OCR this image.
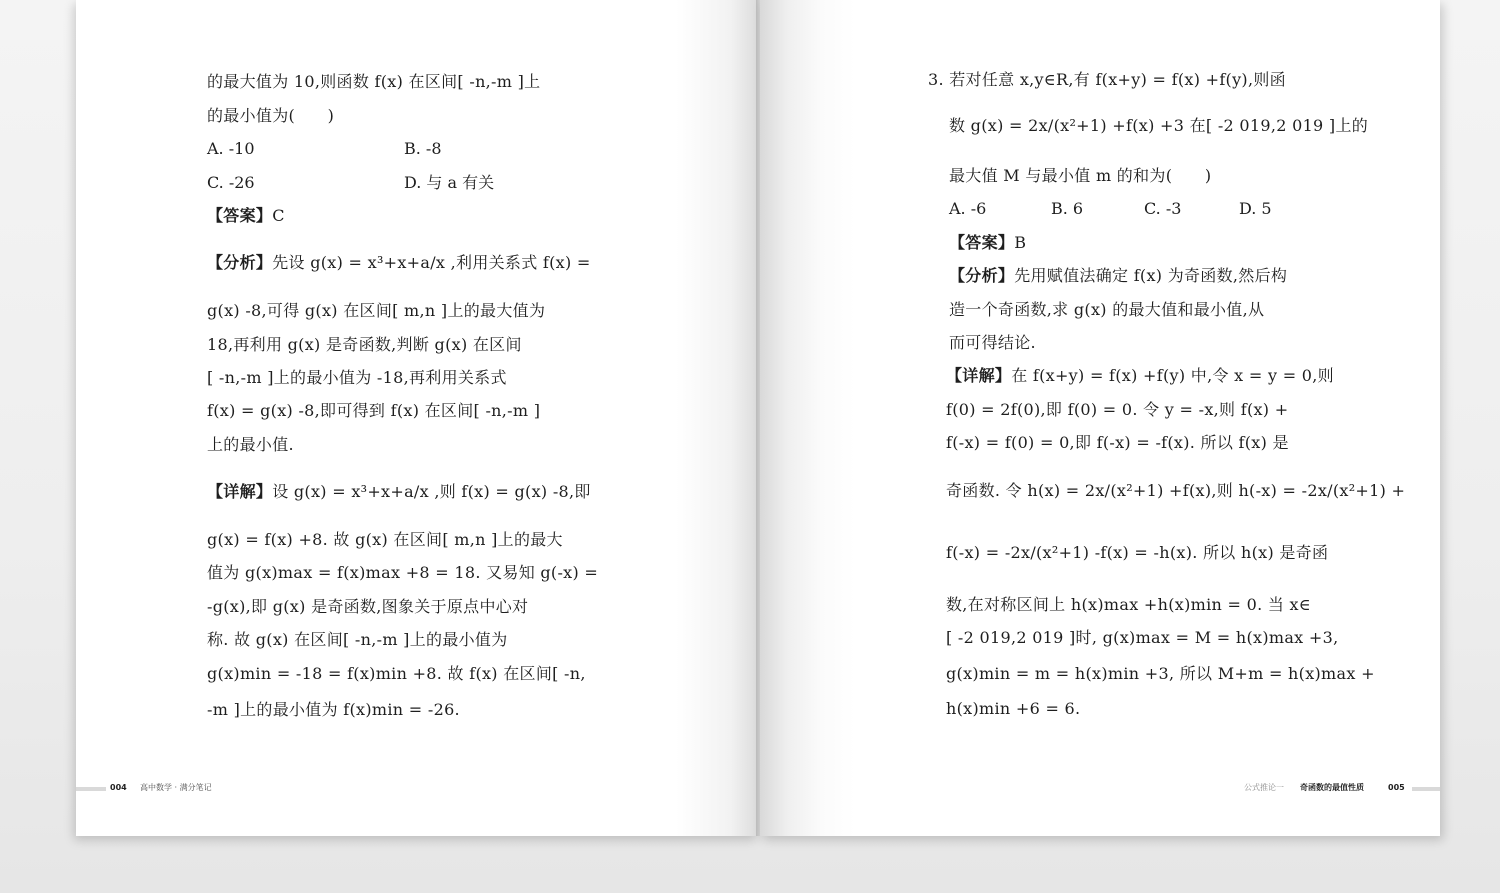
的最大值为 10,则函数 f(x) 在区间[ -n,-m ]上
的最小值为(　　)
A. -10	B. -8
C. -26	D. 与 a 有关
【答案】C
【分析】先设 g(x) = x³+x+a/x ,利用关系式 f(x) =
g(x) -8,可得 g(x) 在区间[ m,n ]上的最大值为
18,再利用 g(x) 是奇函数,判断 g(x) 在区间
[ -n,-m ]上的最小值为 -18,再利用关系式
f(x) = g(x) -8,即可得到 f(x) 在区间[ -n,-m ]
上的最小值.
【详解】设 g(x) = x³+x+a/x ,则 f(x) = g(x) -8,即
g(x) = f(x) +8. 故 g(x) 在区间[ m,n ]上的最大
值为 g(x)max = f(x)max +8 = 18. 又易知 g(-x) =
-g(x),即 g(x) 是奇函数,图象关于原点中心对
称. 故 g(x) 在区间[ -n,-m ]上的最小值为
g(x)min = -18 = f(x)min +8. 故 f(x) 在区间[ -n,
-m ]上的最小值为 f(x)min = -26.
004 高中数学 · 满分笔记
3. 若对任意 x,y∈R,有 f(x+y) = f(x) +f(y),则函
数 g(x) = 2x/(x²+1) +f(x) +3 在[ -2 019,2 019 ]上的
最大值 M 与最小值 m 的和为(　　)
A. -6	B. 6	C. -3	D. 5
【答案】B
【分析】先用赋值法确定 f(x) 为奇函数,然后构
造一个奇函数,求 g(x) 的最大值和最小值,从
而可得结论.
【详解】在 f(x+y) = f(x) +f(y) 中,令 x = y = 0,则
f(0) = 2f(0),即 f(0) = 0. 令 y = -x,则 f(x) +
f(-x) = f(0) = 0,即 f(-x) = -f(x). 所以 f(x) 是
奇函数. 令 h(x) = 2x/(x²+1) +f(x),则 h(-x) = -2x/(x²+1) +
f(-x) = -2x/(x²+1) -f(x) = -h(x). 所以 h(x) 是奇函
数,在对称区间上 h(x)max +h(x)min = 0. 当 x∈
[ -2 019,2 019 ]时, g(x)max = M = h(x)max +3,
g(x)min = m = h(x)min +3, 所以 M+m = h(x)max +
h(x)min +6 = 6.
公式推论一 奇函数的最值性质	005
